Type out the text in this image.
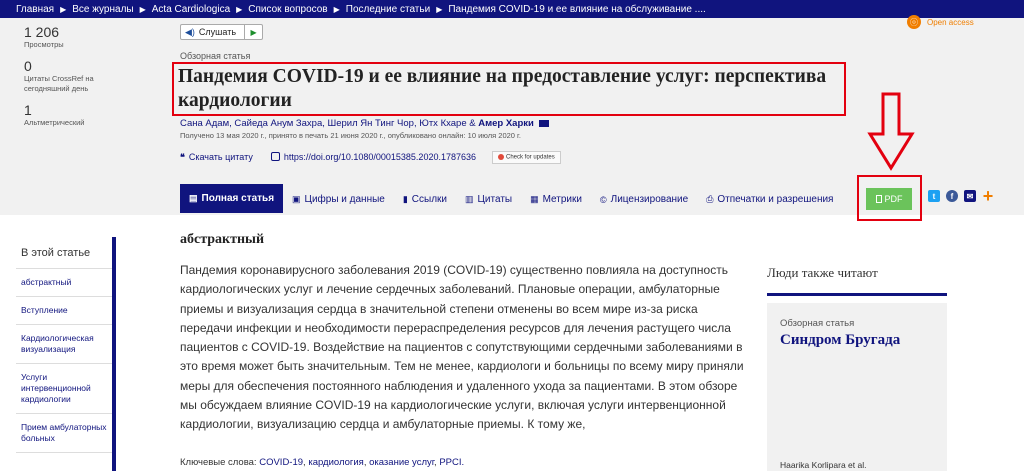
Главная ▶ Все журналы ▶ Acta Cardiologica ▶ Список вопросов ▶ Последние статьи ▶ Пандемия COVID-19 и ее влияние на обслуживание ....
1 206
Просмотры
0
Цитаты CrossRef на сегодняшний день
1
Альтметрический
◀) Слушать	▶
ⓞ	Open access
Обзорная статья
Пандемия COVID-19 и ее влияние на предоставление услуг: перспектива кардиологии
Сана Адам, Сайеда Анум Захра, Шерил Ян Тинг Чор, Ютх Кхаре & Амер Харки
Получено 13 мая 2020 г., принято в печать 21 июня 2020 г., опубликовано онлайн: 10 июля 2020 г.
❝ Скачать цитату	https://doi.org/10.1080/00015385.2020.1787636	Check for updates
▤ Полная статья ▣ Цифры и данные ▮ Ссылки ▥ Цитаты ▦ Метрики © Лицензирование ⎙ Отпечатки и разрешения	PDF	t	f	✉ +
В этой статье
абстрактный
Вступление
Кардиологическая визуализация
Услуги интервенционной кардиологии
Прием амбулаторных больных
абстрактный

Пандемия коронавирусного заболевания 2019 (COVID-19) существенно повлияла на доступность кардиологических услуг и лечение сердечных заболеваний. Плановые операции, амбулаторные приемы и визуализация сердца в значительной степени отменены во всем мире из-за риска передачи инфекции и необходимости перераспределения ресурсов для лечения растущего числа пациентов с COVID-19. Воздействие на пациентов с сопутствующими сердечными заболеваниями в это время может быть значительным. Тем не менее, кардиологи и больницы по всему миру приняли меры для обеспечения постоянного наблюдения и удаленного ухода за пациентами. В этом обзоре мы обсуждаем влияние COVID-19 на кардиологические услуги, включая услуги интервенционной кардиологии, визуализацию сердца и амбулаторные приемы. К тому же,

Ключевые слова: COVID-19, кардиология, оказание услуг, PPCI.
Люди также читают
Обзорная статья
Синдром Бругада
Haarika Korlipara et al.
